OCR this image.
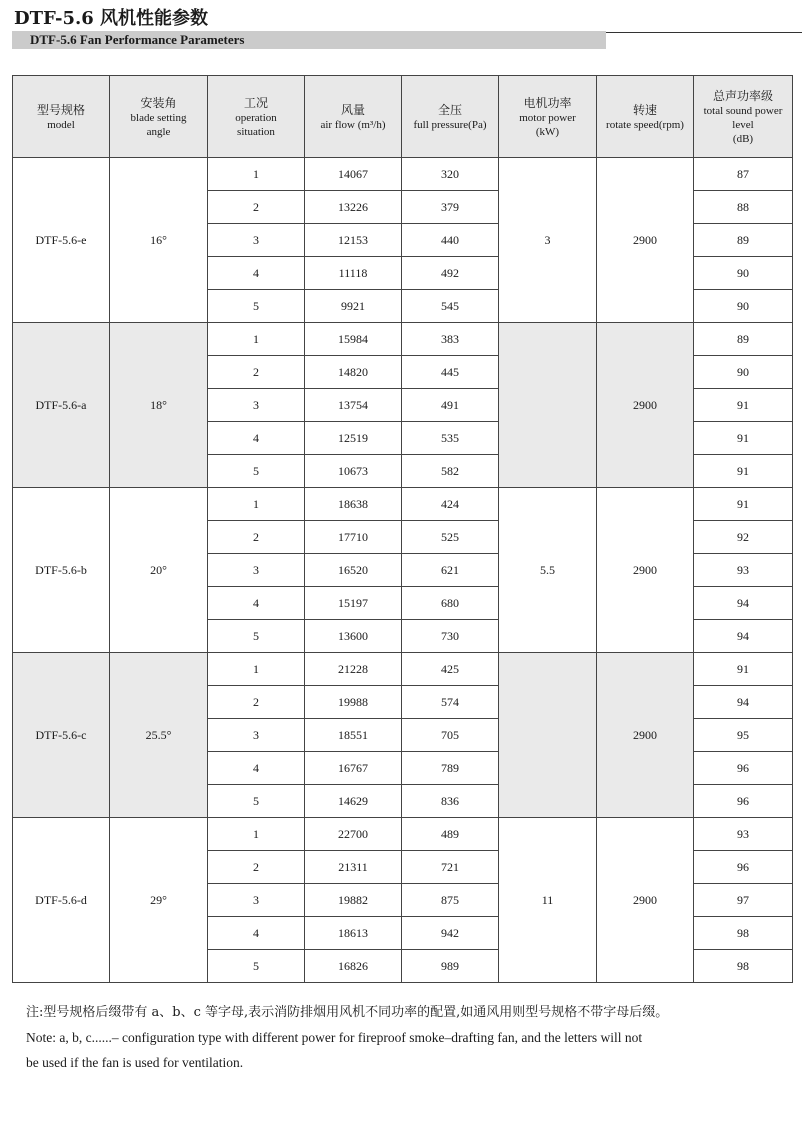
DTF-5.6 风机性能参数
DTF-5.6 Fan Performance Parameters
型号规格
model	安装角
blade setting
angle	工况
operation
situation	风量
air flow (m³/h)	全压
full pressure(Pa)	电机功率
motor power
(kW)	转速
rotate speed(rpm)	总声功率级
total sound power
level
(dB)

DTF-5.6-e	16°	1	14067	320	3	2900	87
		2	13226	379			88
		3	12153	440			89
		4	11118	492			90
		5	9921	545			90
DTF-5.6-a	18°	1	15984	383		2900	89
		2	14820	445			90
		3	13754	491			91
		4	12519	535			91
		5	10673	582			91
DTF-5.6-b	20°	1	18638	424	5.5	2900	91
		2	17710	525			92
		3	16520	621			93
		4	15197	680			94
		5	13600	730			94
DTF-5.6-c	25.5°	1	21228	425		2900	91
		2	19988	574			94
		3	18551	705			95
		4	16767	789			96
		5	14629	836			96
DTF-5.6-d	29°	1	22700	489	11	2900	93
		2	21311	721			96
		3	19882	875			97
		4	18613	942			98
		5	16826	989			98
注:型号规格后缀带有 a、b、c 等字母,表示消防排烟用风机不同功率的配置,如通风用则型号规格不带字母后缀。
Note: a, b, c......– configuration type with different power for fireproof smoke–drafting fan, and the letters will not
be used if the fan is used for ventilation.
